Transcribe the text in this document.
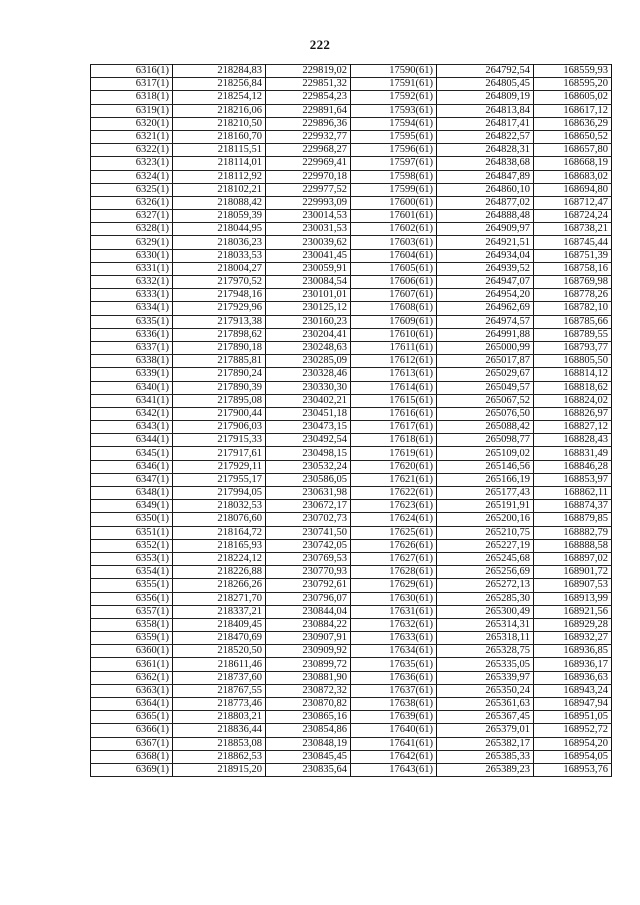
222
6316(1)	218284,83	229819,02	17590(61)	264792,54	168559,93
6317(1)	218256,84	229851,32	17591(61)	264805,45	168595,20
6318(1)	218254,12	229854,23	17592(61)	264809,19	168605,02
6319(1)	218216,06	229891,64	17593(61)	264813,84	168617,12
6320(1)	218210,50	229896,36	17594(61)	264817,41	168636,29
6321(1)	218160,70	229932,77	17595(61)	264822,57	168650,52
6322(1)	218115,51	229968,27	17596(61)	264828,31	168657,80
6323(1)	218114,01	229969,41	17597(61)	264838,68	168668,19
6324(1)	218112,92	229970,18	17598(61)	264847,89	168683,02
6325(1)	218102,21	229977,52	17599(61)	264860,10	168694,80
6326(1)	218088,42	229993,09	17600(61)	264877,02	168712,47
6327(1)	218059,39	230014,53	17601(61)	264888,48	168724,24
6328(1)	218044,95	230031,53	17602(61)	264909,97	168738,21
6329(1)	218036,23	230039,62	17603(61)	264921,51	168745,44
6330(1)	218033,53	230041,45	17604(61)	264934,04	168751,39
6331(1)	218004,27	230059,91	17605(61)	264939,52	168758,16
6332(1)	217970,52	230084,54	17606(61)	264947,07	168769,98
6333(1)	217948,16	230101,01	17607(61)	264954,20	168778,26
6334(1)	217929,96	230125,12	17608(61)	264962,69	168782,10
6335(1)	217913,38	230160,23	17609(61)	264974,57	168785,66
6336(1)	217898,62	230204,41	17610(61)	264991,88	168789,55
6337(1)	217890,18	230248,63	17611(61)	265000,99	168793,77
6338(1)	217885,81	230285,09	17612(61)	265017,87	168805,50
6339(1)	217890,24	230328,46	17613(61)	265029,67	168814,12
6340(1)	217890,39	230330,30	17614(61)	265049,57	168818,62
6341(1)	217895,08	230402,21	17615(61)	265067,52	168824,02
6342(1)	217900,44	230451,18	17616(61)	265076,50	168826,97
6343(1)	217906,03	230473,15	17617(61)	265088,42	168827,12
6344(1)	217915,33	230492,54	17618(61)	265098,77	168828,43
6345(1)	217917,61	230498,15	17619(61)	265109,02	168831,49
6346(1)	217929,11	230532,24	17620(61)	265146,56	168846,28
6347(1)	217955,17	230586,05	17621(61)	265166,19	168853,97
6348(1)	217994,05	230631,98	17622(61)	265177,43	168862,11
6349(1)	218032,53	230672,17	17623(61)	265191,91	168874,37
6350(1)	218076,60	230702,73	17624(61)	265200,16	168879,85
6351(1)	218164,72	230741,50	17625(61)	265210,75	168882,79
6352(1)	218165,93	230742,05	17626(61)	265227,19	168888,58
6353(1)	218224,12	230769,53	17627(61)	265245,68	168897,02
6354(1)	218226,88	230770,93	17628(61)	265256,69	168901,72
6355(1)	218266,26	230792,61	17629(61)	265272,13	168907,53
6356(1)	218271,70	230796,07	17630(61)	265285,30	168913,99
6357(1)	218337,21	230844,04	17631(61)	265300,49	168921,56
6358(1)	218409,45	230884,22	17632(61)	265314,31	168929,28
6359(1)	218470,69	230907,91	17633(61)	265318,11	168932,27
6360(1)	218520,50	230909,92	17634(61)	265328,75	168936,85
6361(1)	218611,46	230899,72	17635(61)	265335,05	168936,17
6362(1)	218737,60	230881,90	17636(61)	265339,97	168936,63
6363(1)	218767,55	230872,32	17637(61)	265350,24	168943,24
6364(1)	218773,46	230870,82	17638(61)	265361,63	168947,94
6365(1)	218803,21	230865,16	17639(61)	265367,45	168951,05
6366(1)	218836,44	230854,86	17640(61)	265379,01	168952,72
6367(1)	218853,08	230848,19	17641(61)	265382,17	168954,20
6368(1)	218862,53	230845,45	17642(61)	265385,33	168954,05
6369(1)	218915,20	230835,64	17643(61)	265389,23	168953,76
